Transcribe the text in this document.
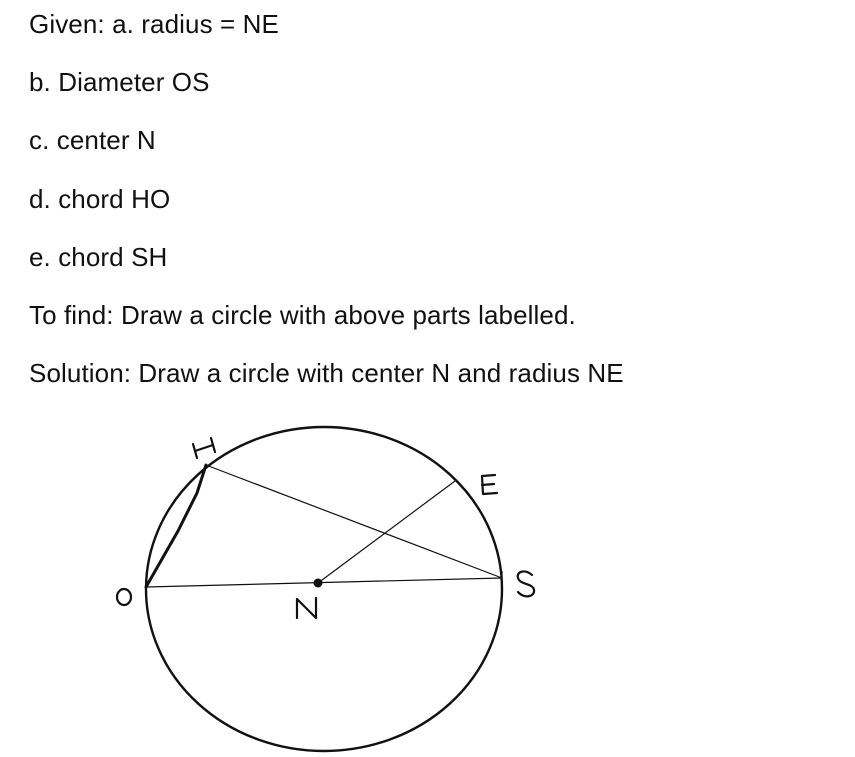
Given: a. radius = NE
b. Diameter OS
c. center N
d. chord HO
e. chord SH
To find: Draw a circle with above parts labelled.
Solution: Draw a circle with center N and radius NE
